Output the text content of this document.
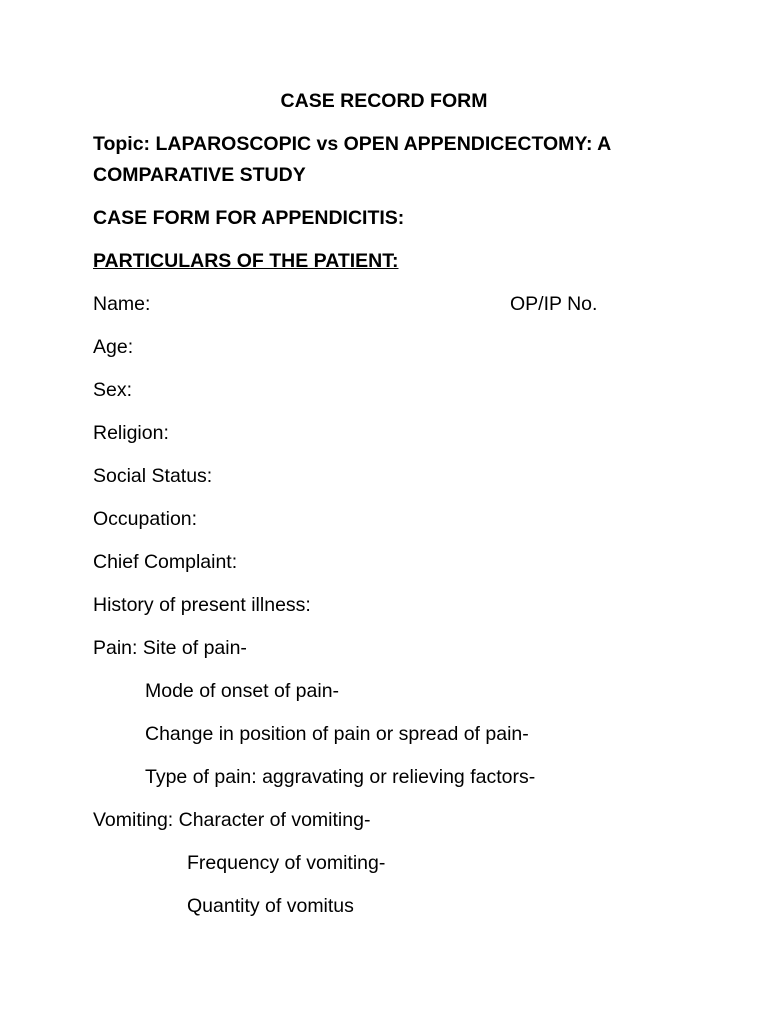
CASE RECORD FORM
Topic: LAPAROSCOPIC vs OPEN APPENDICECTOMY: A
COMPARATIVE STUDY
CASE FORM FOR APPENDICITIS:
PARTICULARS OF THE PATIENT:
Name:	OP/IP No.
Age:
Sex:
Religion:
Social Status:
Occupation:
Chief Complaint:
History of present illness:
Pain: Site of pain-
Mode of onset of pain-
Change in position of pain or spread of pain-
Type of pain: aggravating or relieving factors-
Vomiting: Character of vomiting-
Frequency of vomiting-
Quantity of vomitus
